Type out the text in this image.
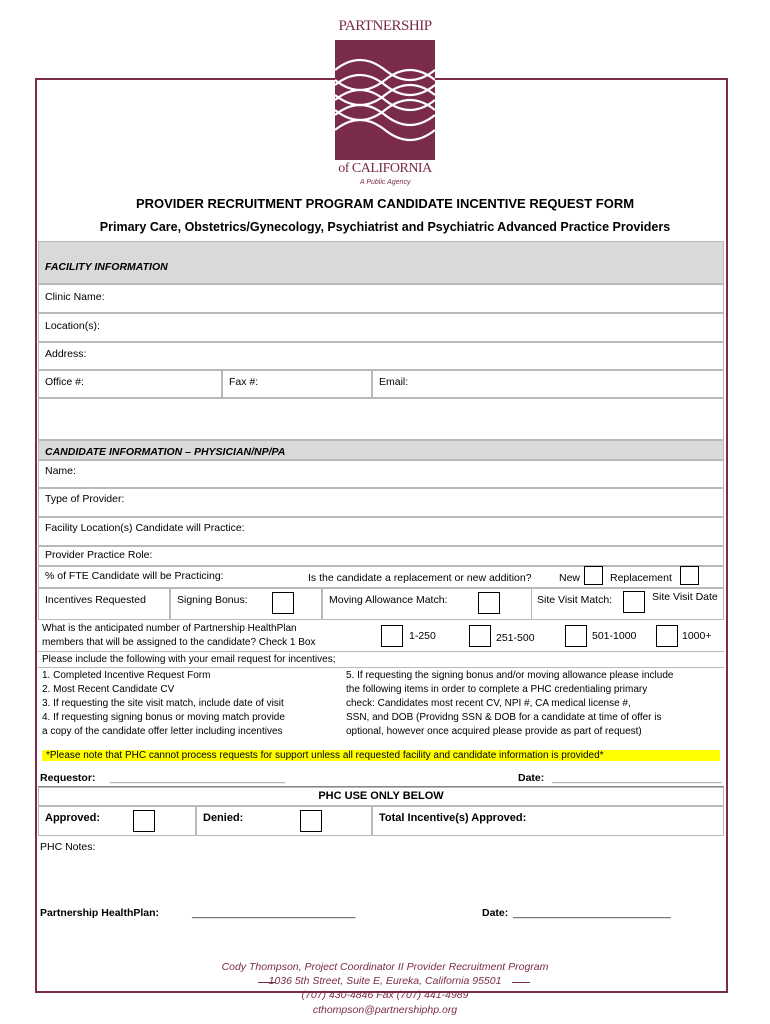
PARTNERSHIP
HEALTHPLAN
of CALIFORNIA
A Public Agency
PROVIDER RECRUITMENT PROGRAM CANDIDATE INCENTIVE REQUEST FORM
Primary Care, Obstetrics/Gynecology, Psychiatrist and Psychiatric Advanced Practice Providers
FACILITY INFORMATION
Clinic Name:
Location(s):
Address:
Office #:	Fax #:	Email:
CANDIDATE INFORMATION – PHYSICIAN/NP/PA
Name:
Type of Provider:
Facility Location(s) Candidate will Practice:
Provider Practice Role:
% of FTE Candidate will be Practicing:	Is the candidate a replacement or new addition?	New	Replacement
Incentives Requested	Signing Bonus:	Moving Allowance Match:	Site Visit Match:	Site Visit Date
What is the anticipated number of Partnership HealthPlan
members that will be assigned to the candidate? Check 1 Box
1-250	251-500	501-1000	1000+
Please include the following with your email request for incentives;
1. Completed Incentive Request Form
2. Most Recent Candidate CV
3. If requesting the site visit match, include date of visit
4. If requesting signing bonus or moving match provide
a copy of the candidate offer letter including incentives
5. If requesting the signing bonus and/or moving allowance please include
the following items in order to complete a PHC credentialing primary
check: Candidates most recent CV, NPI #, CA medical license #,
SSN, and DOB (Providng SSN & DOB for a candidate at time of offer is
optional, however once acquired please provide as part of request)
*Please note that PHC cannot process requests for support unless all requested facility and candidate information is provided*
Requestor: ______________________________	Date: _____________________________
PHC USE ONLY BELOW
Approved:	Denied:	Total Incentive(s) Approved:
PHC Notes:
Partnership HealthPlan:	____________________________	Date: ___________________________
Cody Thompson, Project Coordinator II Provider Recruitment Program
1036 5th Street, Suite E, Eureka, California 95501
(707) 430-4846 Fax (707) 441-4989
cthompson@partnershiphp.org
